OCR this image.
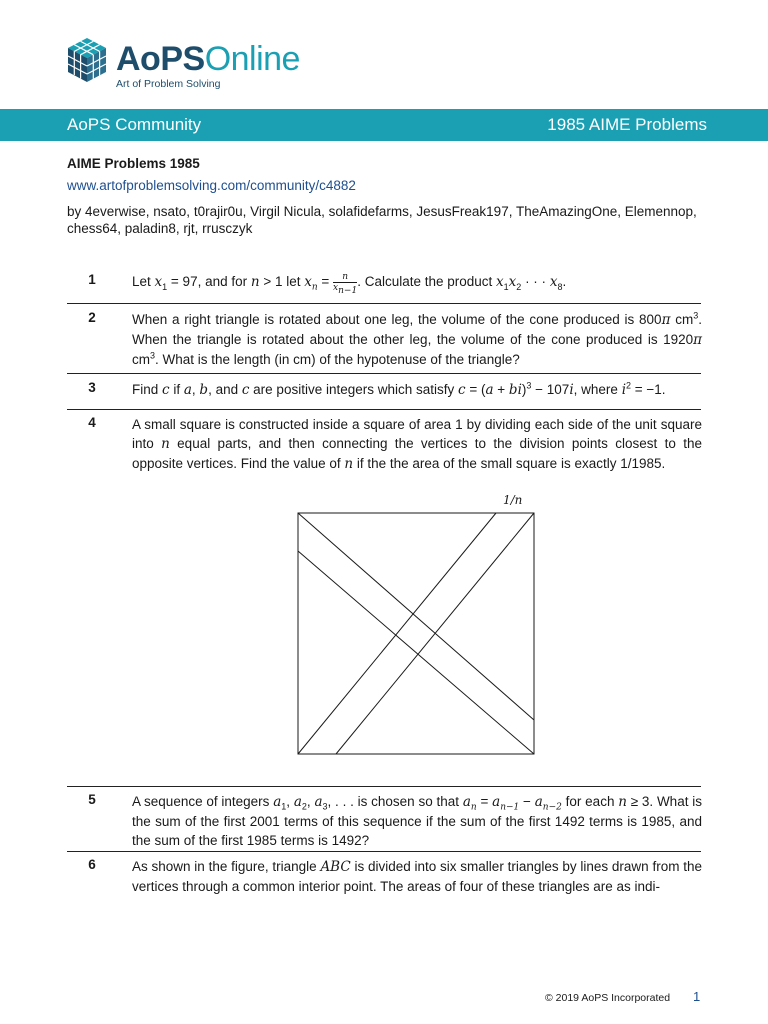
AoPSOnline
Art of Problem Solving
AoPS Community	1985 AIME Problems
AIME Problems 1985
www.artofproblemsolving.com/community/c4882
by 4everwise, nsato, t0rajir0u, Virgil Nicula, solafidefarms, JesusFreak197, TheAmazingOne, Elemennop, chess64, paladin8, rjt, rrusczyk
1	Let $x_1 = 97$, and for n > 1 let $x_n = \frac{n}{x_{n-1}}$ . Calculate the product $x_1x_2$ · · · $x_8$.
2	When a right triangle is rotated about one leg, the volume of the cone produced is 800π $cm^3$. When the triangle is rotated about the other leg, the volume of the cone produced is 1920π $cm^3$. What is the length (in cm) of the hypotenuse of the triangle?
3	Find c if a, b, and c are positive integers which satisfy c = (a + bi)$^3$ − 107i, where $i^2 = -1$.
4	A small square is constructed inside a square of area 1 by dividing each side of the unit square into n equal parts, and then connecting the vertices to the division points closest to the opposite vertices. Find the value of n if the the area of the small square is exactly 1/1985.
1/n
5	A sequence of integers $a_1$, $a_2$, $a_3$, . . . is chosen so that $a_n = a_{n-1} - a_{n-2}$ for each n ≥ 3. What is the sum of the first 2001 terms of this sequence if the sum of the first 1492 terms is 1985, and the sum of the first 1985 terms is 1492?
6	As shown in the figure, triangle ABC is divided into six smaller triangles by lines drawn from the vertices through a common interior point. The areas of four of these triangles are as indi-
© 2019 AoPS Incorporated 1
